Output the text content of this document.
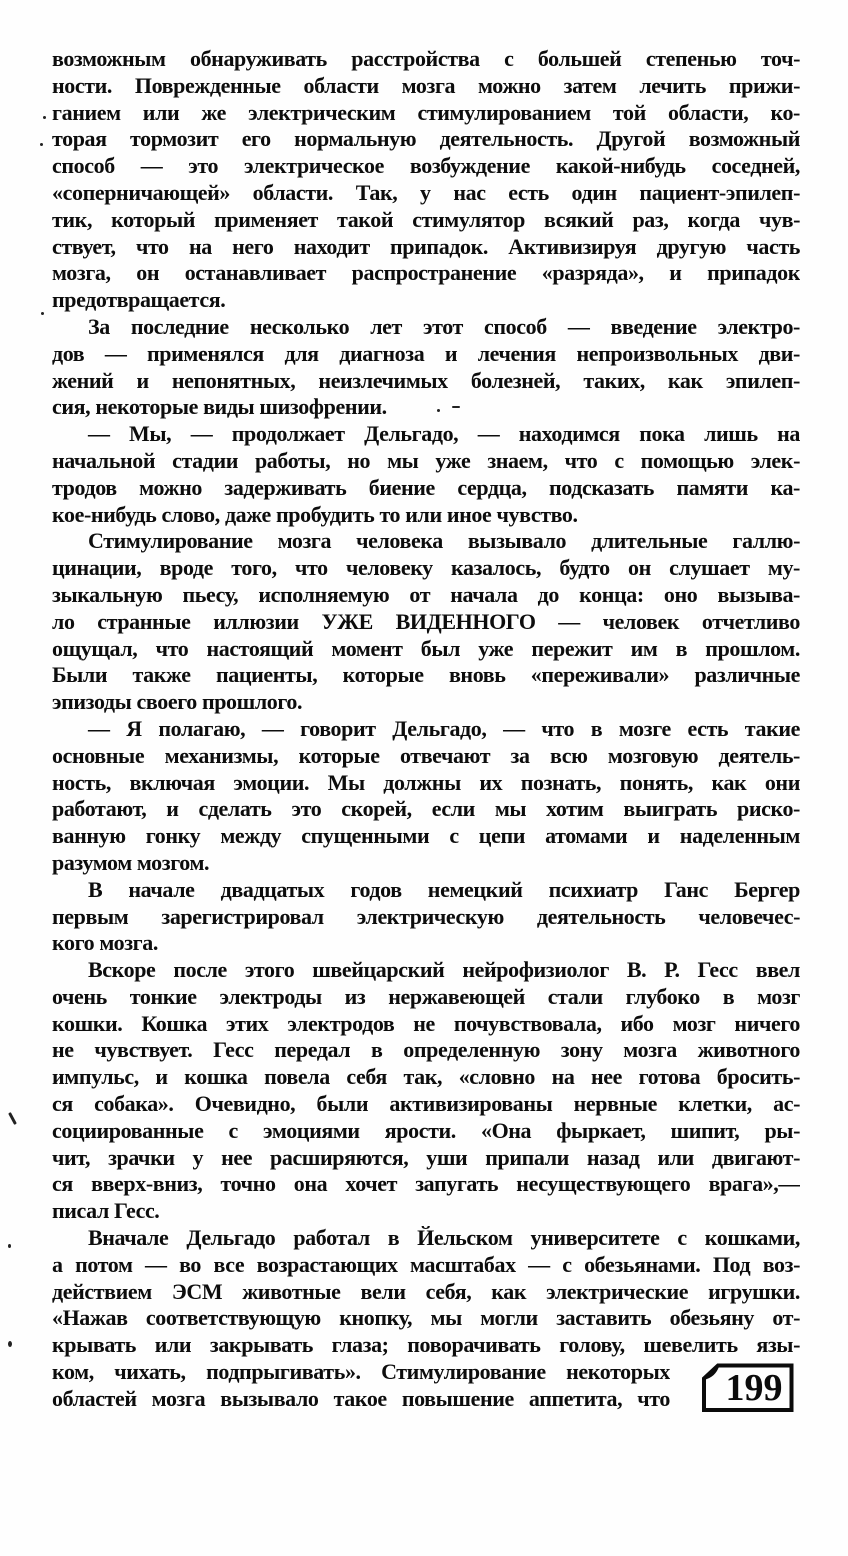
возможным обнаруживать расстройства с большей степенью точ-
ности. Поврежденные области мозга можно затем лечить прижи-
ганием или же электрическим стимулированием той области, ко-
торая тормозит его нормальную деятельность. Другой возможный
способ — это электрическое возбуждение какой-нибудь соседней,
«соперничающей» области. Так, у нас есть один пациент-эпилеп-
тик, который применяет такой стимулятор всякий раз, когда чув-
ствует, что на него находит припадок. Активизируя другую часть
мозга, он останавливает распространение «разряда», и припадок
предотвращается.
За последние несколько лет этот способ — введение электро-
дов — применялся для диагноза и лечения непроизвольных дви-
жений и непонятных, неизлечимых болезней, таких, как эпилеп-
сия, некоторые виды шизофрении.
— Мы, — продолжает Дельгадо, — находимся пока лишь на
начальной стадии работы, но мы уже знаем, что с помощью элек-
тродов можно задерживать биение сердца, подсказать памяти ка-
кое-нибудь слово, даже пробудить то или иное чувство.
Стимулирование мозга человека вызывало длительные галлю-
цинации, вроде того, что человеку казалось, будто он слушает му-
зыкальную пьесу, исполняемую от начала до конца: оно вызыва-
ло странные иллюзии УЖЕ ВИДЕННОГО — человек отчетливо
ощущал, что настоящий момент был уже пережит им в прошлом.
Были также пациенты, которые вновь «переживали» различные
эпизоды своего прошлого.
— Я полагаю, — говорит Дельгадо, — что в мозге есть такие
основные механизмы, которые отвечают за всю мозговую деятель-
ность, включая эмоции. Мы должны их познать, понять, как они
работают, и сделать это скорей, если мы хотим выиграть риско-
ванную гонку между спущенными с цепи атомами и наделенным
разумом мозгом.
В начале двадцатых годов немецкий психиатр Ганс Бергер
первым зарегистрировал электрическую деятельность человечес-
кого мозга.
Вскоре после этого швейцарский нейрофизиолог В. Р. Гесс ввел
очень тонкие электроды из нержавеющей стали глубоко в мозг
кошки. Кошка этих электродов не почувствовала, ибо мозг ничего
не чувствует. Гесс передал в определенную зону мозга животного
импульс, и кошка повела себя так, «словно на нее готова бросить-
ся собака». Очевидно, были активизированы нервные клетки, ас-
социированные с эмоциями ярости. «Она фыркает, шипит, ры-
чит, зрачки у нее расширяются, уши припали назад или двигают-
ся вверх-вниз, точно она хочет запугать несуществующего врага»,—
писал Гесс.
Вначале Дельгадо работал в Йельском университете с кошками,
а потом — во все возрастающих масштабах — с обезьянами. Под воз-
действием ЭСМ животные вели себя, как электрические игрушки.
«Нажав соответствующую кнопку, мы могли заставить обезьяну от-
крывать или закрывать глаза; поворачивать голову, шевелить язы-
ком, чихать, подпрыгивать». Стимулирование некоторых
областей мозга вызывало такое повышение аппетита, что	199
